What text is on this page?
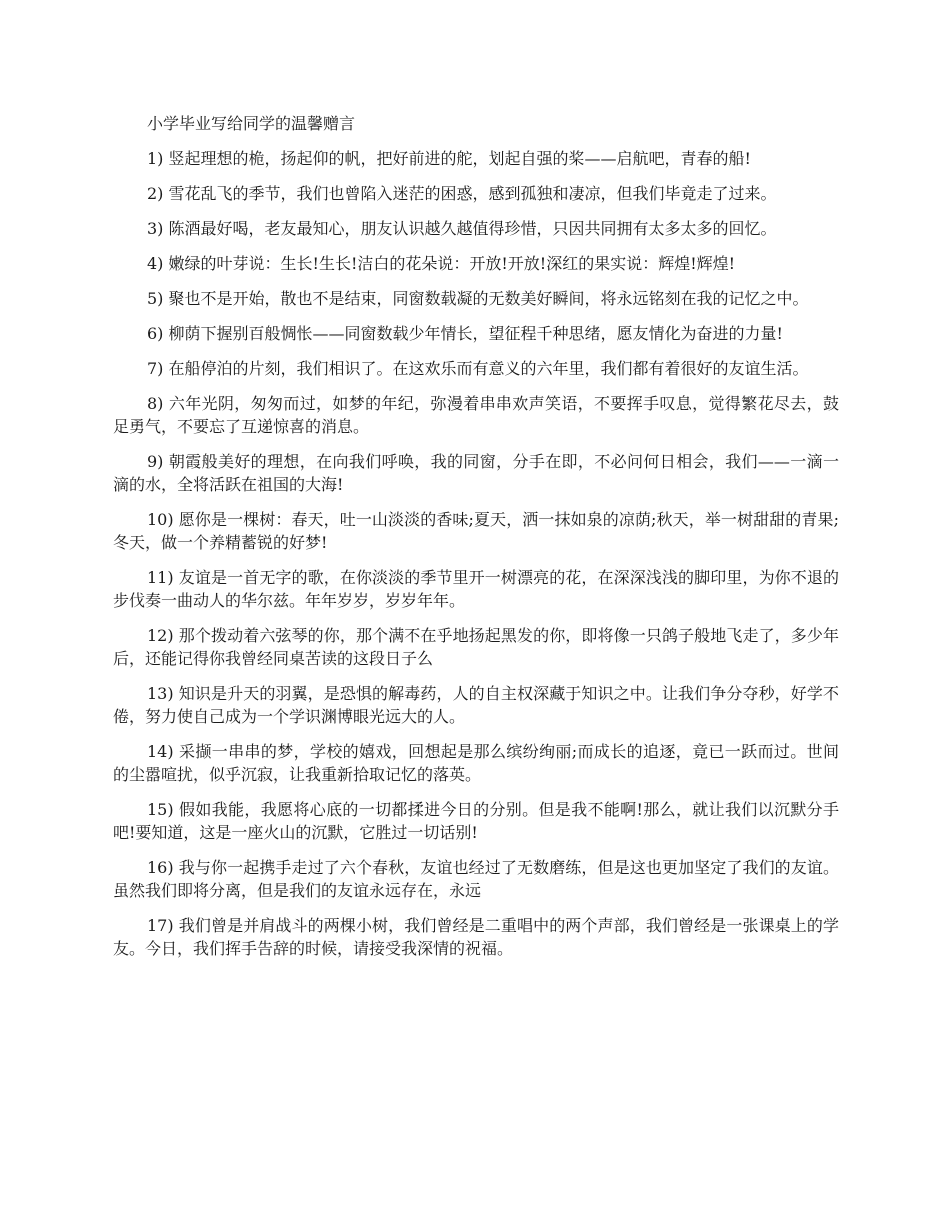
小学毕业写给同学的温馨赠言

1) 竖起理想的桅，扬起仰的帆，把好前进的舵，划起自强的桨——启航吧，青春的船!

2) 雪花乱飞的季节，我们也曾陷入迷茫的困惑，感到孤独和凄凉，但我们毕竟走了过来。

3) 陈酒最好喝，老友最知心，朋友认识越久越值得珍惜，只因共同拥有太多太多的回忆。

4) 嫩绿的叶芽说：生长!生长!洁白的花朵说：开放!开放!深红的果实说：辉煌!辉煌!

5) 聚也不是开始，散也不是结束，同窗数载凝的无数美好瞬间，将永远铭刻在我的记忆之中。

6) 柳荫下握别百般惆怅——同窗数载少年情长，望征程千种思绪，愿友情化为奋进的力量!

7) 在船停泊的片刻，我们相识了。在这欢乐而有意义的六年里，我们都有着很好的友谊生活。

8) 六年光阴，匆匆而过，如梦的年纪，弥漫着串串欢声笑语，不要挥手叹息，觉得繁花尽去，鼓足勇气，不要忘了互递惊喜的消息。

9) 朝霞般美好的理想，在向我们呼唤，我的同窗，分手在即，不必问何日相会，我们——一滴一滴的水，全将活跃在祖国的大海!

10) 愿你是一棵树：春天，吐一山淡淡的香味;夏天，洒一抹如泉的凉荫;秋天，举一树甜甜的青果;冬天，做一个养精蓄锐的好梦!

11) 友谊是一首无字的歌，在你淡淡的季节里开一树漂亮的花，在深深浅浅的脚印里，为你不退的步伐奏一曲动人的华尔兹。年年岁岁，岁岁年年。

12) 那个拨动着六弦琴的你，那个满不在乎地扬起黑发的你，即将像一只鸽子般地飞走了，多少年后，还能记得你我曾经同桌苦读的这段日子么

13) 知识是升天的羽翼，是恐惧的解毒药，人的自主权深藏于知识之中。让我们争分夺秒，好学不倦，努力使自己成为一个学识渊博眼光远大的人。

14) 采撷一串串的梦，学校的嬉戏，回想起是那么缤纷绚丽;而成长的追逐，竟已一跃而过。世间的尘嚣喧扰，似乎沉寂，让我重新拾取记忆的落英。

15) 假如我能，我愿将心底的一切都揉进今日的分别。但是我不能啊!那么，就让我们以沉默分手吧!要知道，这是一座火山的沉默，它胜过一切话别!

16) 我与你一起携手走过了六个春秋，友谊也经过了无数磨练，但是这也更加坚定了我们的友谊。虽然我们即将分离，但是我们的友谊永远存在，永远

17) 我们曾是并肩战斗的两棵小树，我们曾经是二重唱中的两个声部，我们曾经是一张课桌上的学友。今日，我们挥手告辞的时候，请接受我深情的祝福。
